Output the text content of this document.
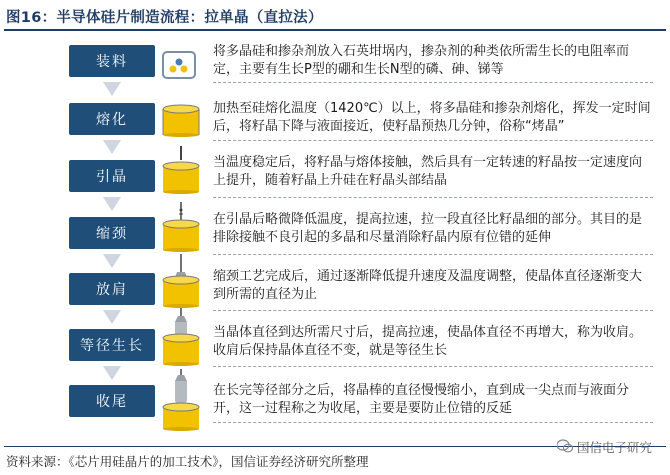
图16：半导体硅片制造流程：拉单晶（直拉法）
装料
将多晶硅和掺杂剂放入石英坩埚内，掺杂剂的种类依所需生长的电阻率而定，主要有生长P型的硼和生长N型的磷、砷、锑等
熔化
加热至硅熔化温度（1420℃）以上，将多晶硅和掺杂剂熔化，挥发一定时间后，将籽晶下降与液面接近，使籽晶预热几分钟，俗称“烤晶”
引晶
当温度稳定后，将籽晶与熔体接触，然后具有一定转速的籽晶按一定速度向上提升，随着籽晶上升硅在籽晶头部结晶
缩颈
在引晶后略微降低温度，提高拉速，拉一段直径比籽晶细的部分。其目的是排除接触不良引起的多晶和尽量消除籽晶内原有位错的延伸
放肩
缩颈工艺完成后，通过逐渐降低提升速度及温度调整，使晶体直径逐渐变大到所需的直径为止
等径生长
当晶体直径到达所需尺寸后，提高拉速，使晶体直径不再增大，称为收肩。收肩后保持晶体直径不变，就是等径生长
收尾
在长完等径部分之后，将晶棒的直径慢慢缩小，直到成一尖点而与液面分开，这一过程称之为收尾，主要是要防止位错的反延
资料来源：《芯片用硅晶片的加工技术》，国信证券经济研究所整理
国信电子研究
